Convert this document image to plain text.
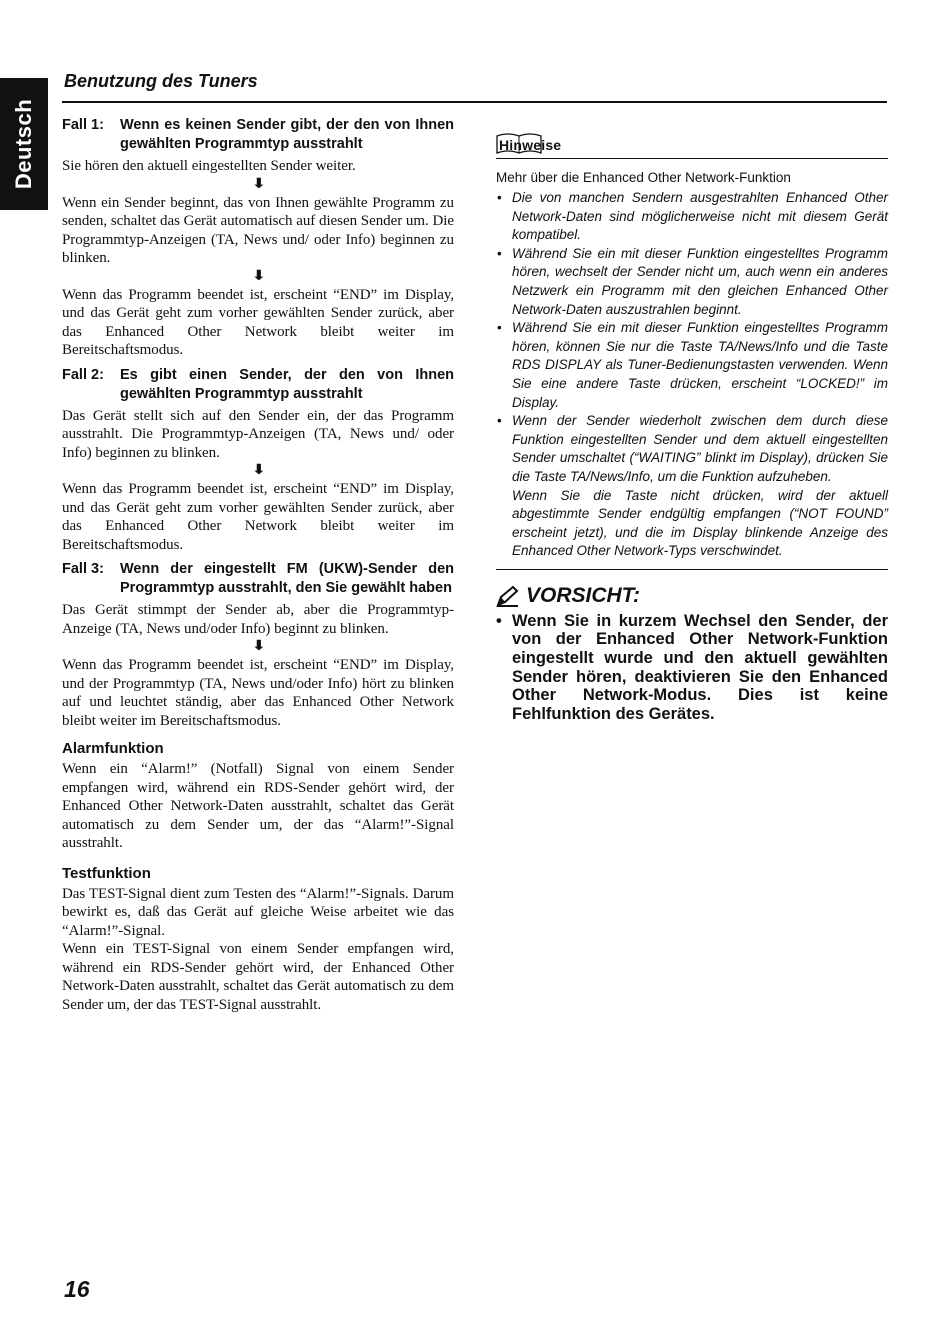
Deutsch
Benutzung des Tuners
Fall 1:	Wenn es keinen Sender gibt, der den von Ihnen gewählten Programmtyp ausstrahlt

Sie hören den aktuell eingestellten Sender weiter.

⬇

Wenn ein Sender beginnt, das von Ihnen gewählte Programm zu senden, schaltet das Gerät automatisch auf diesen Sender um. Die Programmtyp-Anzeigen (TA, News und/ oder Info) beginnen zu blinken.

⬇

Wenn das Programm beendet ist, erscheint “END” im Display, und das Gerät geht zum vorher gewählten Sender zurück, aber das Enhanced Other Network bleibt weiter im Bereitschaftsmodus.

Fall 2:	Es gibt einen Sender, der den von Ihnen gewählten Programmtyp ausstrahlt

Das Gerät stellt sich auf den Sender ein, der das Programm ausstrahlt. Die Programmtyp-Anzeigen (TA, News und/ oder Info) beginnen zu blinken.

⬇

Wenn das Programm beendet ist, erscheint “END” im Display, und das Gerät geht zum vorher gewählten Sender zurück, aber das Enhanced Other Network bleibt weiter im Bereitschaftsmodus.

Fall 3:	Wenn der eingestellt FM (UKW)-Sender den Programmtyp ausstrahlt, den Sie gewählt haben

Das Gerät stimmpt der Sender ab, aber die Programmtyp-Anzeige (TA, News und/oder Info) beginnt zu blinken.

⬇

Wenn das Programm beendet ist, erscheint “END” im Display, und der Programmtyp (TA, News und/oder Info) hört zu blinken auf und leuchtet ständig, aber das Enhanced Other Network bleibt weiter im Bereitschaftsmodus.

Alarmfunktion

Wenn ein “Alarm!” (Notfall) Signal von einem Sender empfangen wird, während ein RDS-Sender gehört wird, der Enhanced Other Network-Daten ausstrahlt, schaltet das Gerät automatisch zu dem Sender um, der das “Alarm!”-Signal ausstrahlt.

Testfunktion

Das TEST-Signal dient zum Testen des “Alarm!”-Signals. Darum bewirkt es, daß das Gerät auf gleiche Weise arbeitet wie das “Alarm!”-Signal.

Wenn ein TEST-Signal von einem Sender empfangen wird, während ein RDS-Sender gehört wird, der Enhanced Other Network-Daten ausstrahlt, schaltet das Gerät automatisch zu dem Sender um, der das TEST-Signal ausstrahlt.

Hinweise
Mehr über die Enhanced Other Network-Funktion
• Die von manchen Sendern ausgestrahlten Enhanced Other Network-Daten sind möglicherweise nicht mit diesem Gerät kompatibel.
• Während Sie ein mit dieser Funktion eingestelltes Programm hören, wechselt der Sender nicht um, auch wenn ein anderes Netzwerk ein Programm mit den gleichen Enhanced Other Network-Daten auszustrahlen beginnt.
• Während Sie ein mit dieser Funktion eingestelltes Programm hören, können Sie nur die Taste TA/News/Info und die Taste RDS DISPLAY als Tuner-Bedienungstasten verwenden. Wenn Sie eine andere Taste drücken, erscheint “LOCKED!” im Display.
• Wenn der Sender wiederholt zwischen dem durch diese Funktion eingestellten Sender und dem aktuell eingestellten Sender umschaltet (“WAITING” blinkt im Display), drücken Sie die Taste TA/News/Info, um die Funktion aufzuheben.
Wenn Sie die Taste nicht drücken, wird der aktuell abgestimmte Sender endgültig empfangen (“NOT FOUND” erscheint jetzt), und die im Display blinkende Anzeige des Enhanced Other Network-Typs verschwindet.
VORSICHT:
• Wenn Sie in kurzem Wechsel den Sender, der von der Enhanced Other Network-Funktion eingestellt wurde und den aktuell gewählten Sender hören, deaktivieren Sie den Enhanced Other Network-Modus. Dies ist keine Fehlfunktion des Gerätes.
16
